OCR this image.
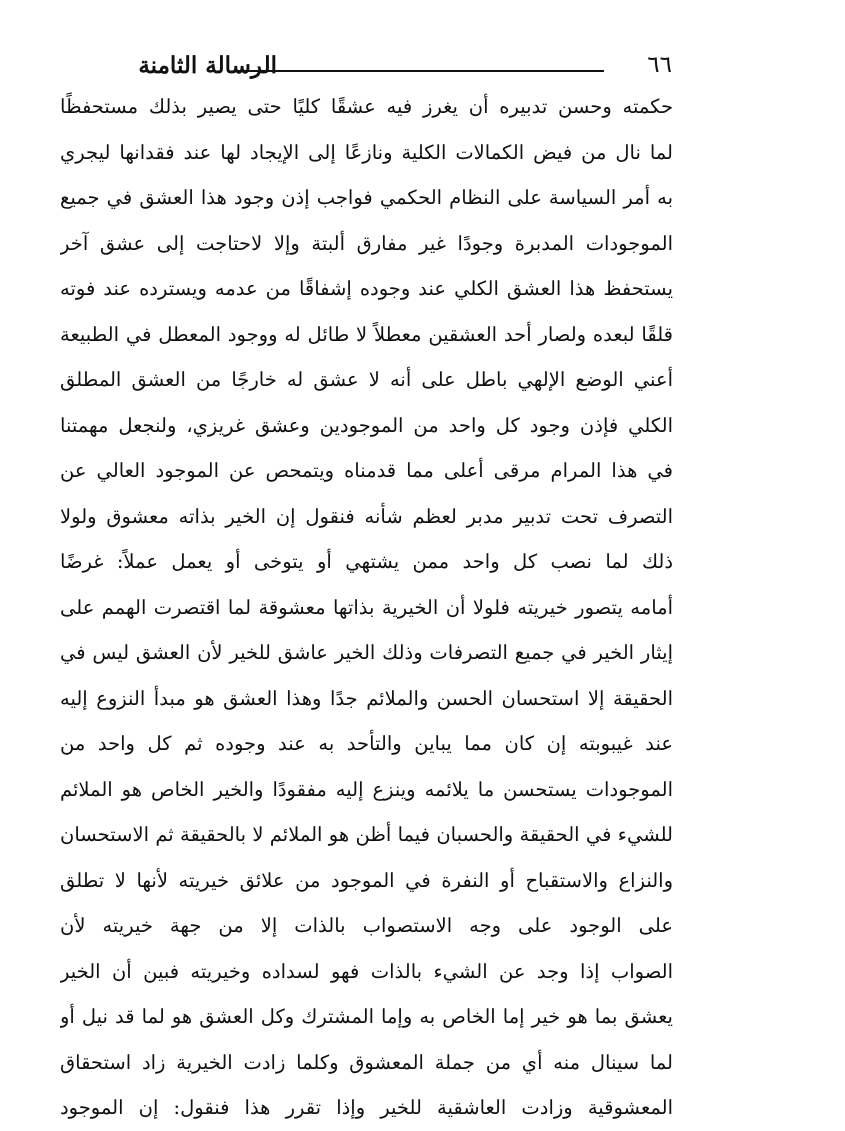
٦٦
الرسالة الثامنة
حكمته وحسن تدبيره أن يغرز فيه عشقًا كليًا حتى يصير بذلك مستحفظًا
لما نال من فيض الكمالات الكلية ونازعًا إلى الإيجاد لها عند فقدانها ليجري
به أمر السياسة على النظام الحكمي فواجب إذن وجود هذا العشق في جميع
الموجودات المدبرة وجودًا غير مفارق ألبتة وإلا لاحتاجت إلى عشق آخر
يستحفظ هذا العشق الكلي عند وجوده إشفاقًا من عدمه ويسترده عند فوته
قلقًا لبعده ولصار أحد العشقين معطلاً لا طائل له ووجود المعطل في الطبيعة
أعني الوضع الإلهي باطل على أنه لا عشق له خارجًا من العشق المطلق
الكلي فإذن وجود كل واحد من الموجودين وعشق غريزي، ولنجعل مهمتنا
في هذا المرام مرقى أعلى مما قدمناه ويتمحص عن الموجود العالي عن
التصرف تحت تدبير مدبر لعظم شأنه فنقول إن الخير بذاته معشوق ولولا
ذلك لما نصب كل واحد ممن يشتهي أو يتوخى أو يعمل عملاً: غرضًا
أمامه يتصور خيريته فلولا أن الخيرية بذاتها معشوقة لما اقتصرت الهمم على
إيثار الخير في جميع التصرفات وذلك الخير عاشق للخير لأن العشق ليس في
الحقيقة إلا استحسان الحسن والملائم جدًا وهذا العشق هو مبدأ النزوع إليه
عند غيبوبته إن كان مما يباين والتأحد به عند وجوده ثم كل واحد من
الموجودات يستحسن ما يلائمه وينزع إليه مفقودًا والخير الخاص هو الملائم
للشيء في الحقيقة والحسبان فيما أظن هو الملائم لا بالحقيقة ثم الاستحسان
والنزاع والاستقباح أو النفرة في الموجود من علائق خيريته لأنها لا تطلق
على الوجود على وجه الاستصواب بالذات إلا من جهة خيريته لأن
الصواب إذا وجد عن الشيء بالذات فهو لسداده وخيريته فبين أن الخير
يعشق بما هو خير إما الخاص به وإما المشترك وكل العشق هو لما قد نيل أو
لما سينال منه أي من جملة المعشوق وكلما زادت الخيرية زاد استحقاق
المعشوقية وزادت العاشقية للخير وإذا تقرر هذا فنقول: إن الموجود
